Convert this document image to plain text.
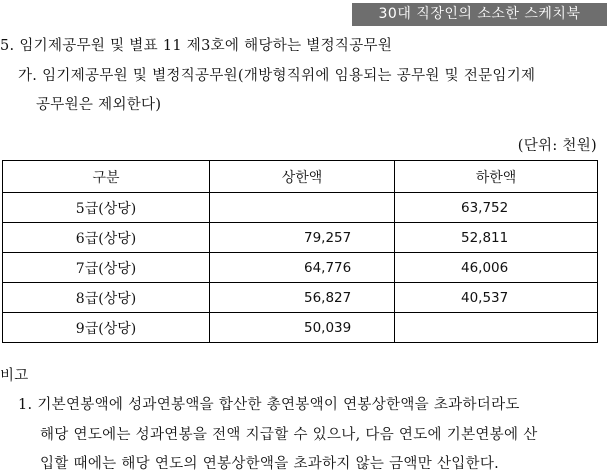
30대 직장인의 소소한 스케치북
5. 임기제공무원 및 별표 11 제3호에 해당하는 별정직공무원
가. 임기제공무원 및 별정직공무원(개방형직위에 임용되는 공무원 및 전문임기제
공무원은 제외한다)
(단위: 천원)
구분	상한액	하한액
5급(상당)		63,752
6급(상당)	79,257	52,811
7급(상당)	64,776	46,006
8급(상당)	56,827	40,537
9급(상당)	50,039	
비고
1. 기본연봉액에 성과연봉액을 합산한 총연봉액이 연봉상한액을 초과하더라도
해당 연도에는 성과연봉을 전액 지급할 수 있으나, 다음 연도에 기본연봉에 산
입할 때에는 해당 연도의 연봉상한액을 초과하지 않는 금액만 산입한다.
